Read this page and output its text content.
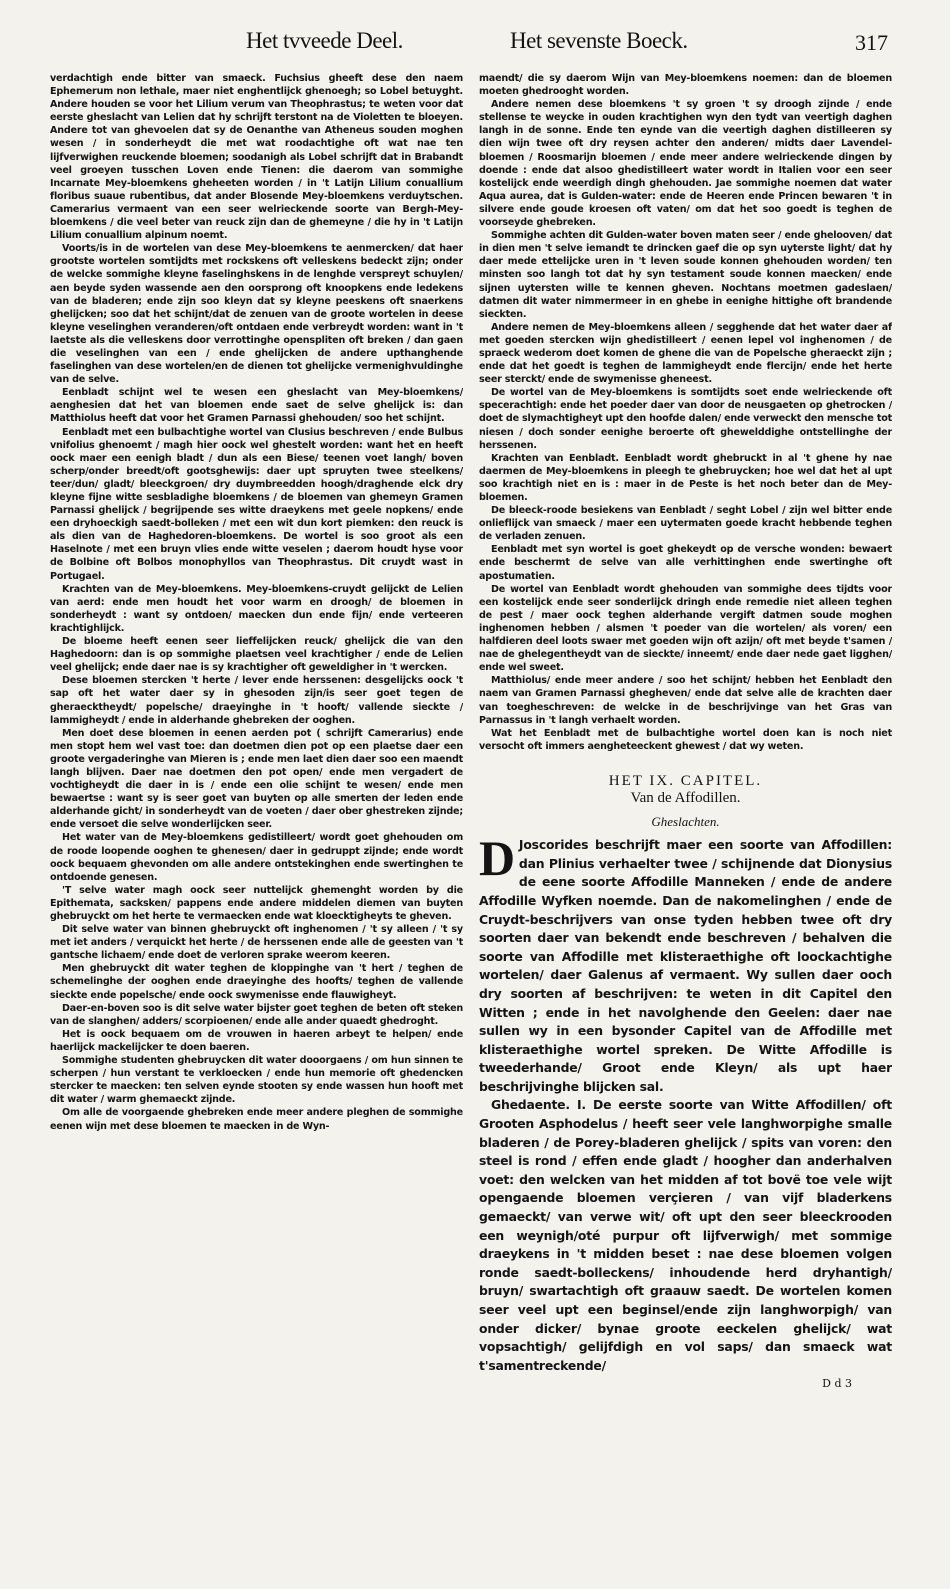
Het tvveede Deel.	Het sevenste Boeck.	317

verdachtigh ende bitter van smaeck. Fuchsius gheeft dese den naem Ephemerum non lethale, maer niet enghentlijck ghenoegh; so Lobel betuyght. Andere houden se voor het Lilium verum van Theophrastus; te weten voor dat eerste gheslacht van Lelien dat hy schrijft terstont na de Violetten te bloeyen. Andere tot van ghevoelen dat sy de Oenanthe van Atheneus souden moghen wesen / in sonderheydt die met wat roodachtighe oft wat nae ten lijfverwighen reuckende bloemen; soodanigh als Lobel schrijft dat in Brabandt veel groeyen tusschen Loven ende Tienen: die daerom van sommighe Incarnate Mey-bloemkens gheheeten worden / in 't Latijn Lilium conuallium floribus suaue rubentibus, dat ander Blosende Mey-bloemkens verduytschen. Camerarius vermaent van een seer welrieckende soorte van Bergh-Mey-bloemkens / die veel beter van reuck zijn dan de ghemeyne / die hy in 't Latijn Lilium conuallium alpinum noemt.

Voorts/is in de wortelen van dese Mey-bloemkens te aenmercken/ dat haer grootste wortelen somtijdts met rockskens oft velleskens bedeckt zijn; onder de welcke sommighe kleyne faselinghskens in de lenghde verspreyt schuylen/ aen beyde syden wassende aen den oorsprong oft knoopkens ende ledekens van de bladeren; ende zijn soo kleyn dat sy kleyne peeskens oft snaerkens ghelijcken; soo dat het schijnt/dat de zenuen van de groote wortelen in deese kleyne veselinghen veranderen/oft ontdaen ende verbreydt worden: want in 't laetste als die velleskens door verrottinghe openspliten oft breken / dan gaen die veselinghen van een / ende ghelijcken de andere upthanghende faselinghen van dese wortelen/en de dienen tot ghelijcke vermenighvuldinghe van de selve.

Eenbladt schijnt wel te wesen een gheslacht van Mey-bloemkens/ aenghesien dat het van bloemen ende saet de selve ghelijck is: dan Matthiolus heeft dat voor het Gramen Parnassi ghehouden/ soo het schijnt.

Eenbladt met een bulbachtighe wortel van Clusius beschreven / ende Bulbus vnifolius ghenoemt / magh hier oock wel ghestelt worden: want het en heeft oock maer een eenigh bladt / dun als een Biese/ teenen voet langh/ boven scherp/onder breedt/oft gootsghewijs: daer upt spruyten twee steelkens/ teer/dun/ gladt/ bleeckgroen/ dry duymbreedden hoogh/draghende elck dry kleyne fijne witte sesbladighe bloemkens / de bloemen van ghemeyn Gramen Parnassi ghelijck / begrijpende ses witte draeykens met geele nopkens/ ende een dryhoeckigh saedt-bolleken / met een wit dun kort piemken: den reuck is als dien van de Haghedoren-bloemkens. De wortel is soo groot als een Haselnote / met een bruyn vlies ende witte veselen ; daerom houdt hyse voor de Bolbine oft Bolbos monophyllos van Theophrastus. Dit cruydt wast in Portugael.

Krachten van de Mey-bloemkens. Mey-bloemkens-cruydt gelijckt de Lelien van aerd: ende men houdt het voor warm en droogh/ de bloemen in sonderheydt : want sy ontdoen/ maecken dun ende fijn/ ende verteeren krachtighlijck.

De bloeme heeft eenen seer lieffelijcken reuck/ ghelijck die van den Haghedoorn: dan is op sommighe plaetsen veel krachtigher / ende de Lelien veel ghelijck; ende daer nae is sy krachtigher oft geweldigher in 't wercken.

Dese bloemen stercken 't herte / lever ende herssenen: desgelijcks oock 't sap oft het water daer sy in ghesoden zijn/is seer goet tegen de gheraecktheydt/ popelsche/ draeyinghe in 't hooft/ vallende sieckte / lammigheydt / ende in alderhande ghebreken der ooghen.

Men doet dese bloemen in eenen aerden pot ( schrijft Camerarius) ende men stopt hem wel vast toe: dan doetmen dien pot op een plaetse daer een groote vergaderinghe van Mieren is ; ende men laet dien daer soo een maendt langh blijven. Daer nae doetmen den pot open/ ende men vergadert de vochtigheydt die daer in is / ende een olie schijnt te wesen/ ende men bewaertse : want sy is seer goet van buyten op alle smerten der leden ende alderhande gicht/ in sonderheydt van de voeten / daer ober ghestreken zijnde; ende versoet die selve wonderlijcken seer.

Het water van de Mey-bloemkens gedistilleert/ wordt goet ghehouden om de roode loopende ooghen te ghenesen/ daer in gedruppt zijnde; ende wordt oock bequaem ghevonden om alle andere ontstekinghen ende swertinghen te ontdoende genesen.

'T selve water magh oock seer nuttelijck ghemenght worden by die Epithemata, sacksken/ pappens ende andere middelen diemen van buyten ghebruyckt om het herte te vermaecken ende wat kloecktigheyts te gheven.

Dit selve water van binnen ghebruyckt oft inghenomen / 't sy alleen / 't sy met iet anders / verquickt het herte / de herssenen ende alle de geesten van 't gantsche lichaem/ ende doet de verloren sprake weerom keeren.

Men ghebruyckt dit water teghen de kloppinghe van 't hert / teghen de schemelinghe der ooghen ende draeyinghe des hoofts/ teghen de vallende sieckte ende popelsche/ ende oock swymenisse ende flauwigheyt.

Daer-en-boven soo is dit selve water bijster goet teghen de beten oft steken van de slanghen/ adders/ scorpioenen/ ende alle ander quaedt ghedroght.

Het is oock bequaem om de vrouwen in haeren arbeyt te helpen/ ende haerlijck mackelijcker te doen baeren.

Sommighe studenten ghebruycken dit water dooorgaens / om hun sinnen te scherpen / hun verstant te verkloecken / ende hun memorie oft ghedencken stercker te maecken: ten selven eynde stooten sy ende wassen hun hooft met dit water / warm ghemaeckt zijnde.

Om alle de voorgaende ghebreken ende meer andere pleghen de sommighe eenen wijn met dese bloemen te maecken in de Wyn-

maendt/ die sy daerom Wijn van Mey-bloemkens noemen: dan de bloemen moeten ghedrooght worden.

Andere nemen dese bloemkens 't sy groen 't sy droogh zijnde / ende stellense te weycke in ouden krachtighen wyn den tydt van veertigh daghen langh in de sonne. Ende ten eynde van die veertigh daghen distilleeren sy dien wijn twee oft dry reysen achter den anderen/ midts daer Lavendel-bloemen / Roosmarijn bloemen / ende meer andere welrieckende dingen by doende : ende dat alsoo ghedistilleert water wordt in Italien voor een seer kostelijck ende weerdigh dingh ghehouden. Jae sommighe noemen dat water Aqua aurea, dat is Gulden-water: ende de Heeren ende Princen bewaren 't in silvere ende goude kroesen oft vaten/ om dat het soo goedt is teghen de voorseyde ghebreken.

Sommighe achten dit Gulden-water boven maten seer / ende ghelooven/ dat in dien men 't selve iemandt te drincken gaef die op syn uyterste light/ dat hy daer mede ettelijcke uren in 't leven soude konnen ghehouden worden/ ten minsten soo langh tot dat hy syn testament soude konnen maecken/ ende sijnen uytersten wille te kennen gheven. Nochtans moetmen gadeslaen/ datmen dit water nimmermeer in en ghebe in eenighe hittighe oft brandende sieckten.

Andere nemen de Mey-bloemkens alleen / segghende dat het water daer af met goeden stercken wijn ghedistilleert / eenen lepel vol inghenomen / de spraeck wederom doet komen de ghene die van de Popelsche gheraeckt zijn ; ende dat het goedt is teghen de lammigheydt ende flercijn/ ende het herte seer sterckt/ ende de swymenisse gheneest.

De wortel van de Mey-bloemkens is somtijdts soet ende welrieckende oft specerachtigh: ende het poeder daer van door de neusgaeten op ghetrocken / doet de slymachtigheyt upt den hoofde dalen/ ende verweckt den mensche tot niesen / doch sonder eenighe beroerte oft ghewelddighe ontstellinghe der herssenen.

Krachten van Eenbladt. Eenbladt wordt ghebruckt in al 't ghene hy nae daermen de Mey-bloemkens in pleegh te ghebruycken; hoe wel dat het al upt soo krachtigh niet en is : maer in de Peste is het noch beter dan de Mey-bloemen.

De bleeck-roode besiekens van Eenbladt / seght Lobel / zijn wel bitter ende onlieflijck van smaeck / maer een uytermaten goede kracht hebbende teghen de verladen zenuen.

Eenbladt met syn wortel is goet ghekeydt op de versche wonden: bewaert ende beschermt de selve van alle verhittinghen ende swertinghe oft apostumatien.

De wortel van Eenbladt wordt ghehouden van sommighe dees tijdts voor een kostelijck ende seer sonderlijck dringh ende remedie niet alleen teghen de pest / maer oock teghen alderhande vergift datmen soude moghen inghenomen hebben / alsmen 't poeder van die wortelen/ als voren/ een halfdieren deel loots swaer met goeden wijn oft azijn/ oft met beyde t'samen / nae de ghelegentheydt van de sieckte/ inneemt/ ende daer nede gaet ligghen/ ende wel sweet.

Matthiolus/ ende meer andere / soo het schijnt/ hebben het Eenbladt den naem van Gramen Parnassi ghegheven/ ende dat selve alle de krachten daer van toegheschreven: de welcke in de beschrijvinge van het Gras van Parnassus in 't langh verhaelt worden.

Wat het Eenbladt met de bulbachtighe wortel doen kan is noch niet versocht oft immers aengheteeckent ghewest / dat wy weten.

HET IX. CAPITEL.
Van de Affodillen.
Gheslachten.

D Joscorides beschrijft maer een soorte van Affodillen: dan Plinius verhaelter twee / schijnende dat Dionysius de eene soorte Affodille Manneken / ende de andere Affodille Wyfken noemde. Dan de nakomelinghen / ende de Cruydt-beschrijvers van onse tyden hebben twee oft dry soorten daer van bekendt ende beschreven / behalven die soorte van Affodille met klisteraethighe oft loockachtighe wortelen/ daer Galenus af vermaent. Wy sullen daer ooch dry soorten af beschrijven: te weten in dit Capitel den Witten ; ende in het navolghende den Geelen: daer nae sullen wy in een bysonder Capitel van de Affodille met klisteraethighe wortel spreken. De Witte Affodille is tweederhande/ Groot ende Kleyn/ als upt haer beschrijvinghe blijcken sal.

Ghedaente. I. De eerste soorte van Witte Affodillen/ oft Grooten Asphodelus / heeft seer vele langhworpighe smalle bladeren / de Porey-bladeren ghelijck / spits van voren: den steel is rond / effen ende gladt / hoogher dan anderhalven voet: den welcken van het midden af tot bovë toe vele wijt opengaende bloemen verçieren / van vijf bladerkens gemaeckt/ van verwe wit/ oft upt den seer bleeckrooden een weynigh/oté purpur oft lijfverwigh/ met sommige draeykens in 't midden beset : nae dese bloemen volgen ronde saedt-bolleckens/ inhoudende herd dryhantigh/ bruyn/ swartachtigh oft graauw saedt. De wortelen komen seer veel upt een beginsel/ende zijn langhworpigh/ van onder dicker/ bynae groote eeckelen ghelijck/ wat vopsachtigh/ gelijfdigh en vol saps/ dan smaeck wat t'samentreckende/

D d 3
